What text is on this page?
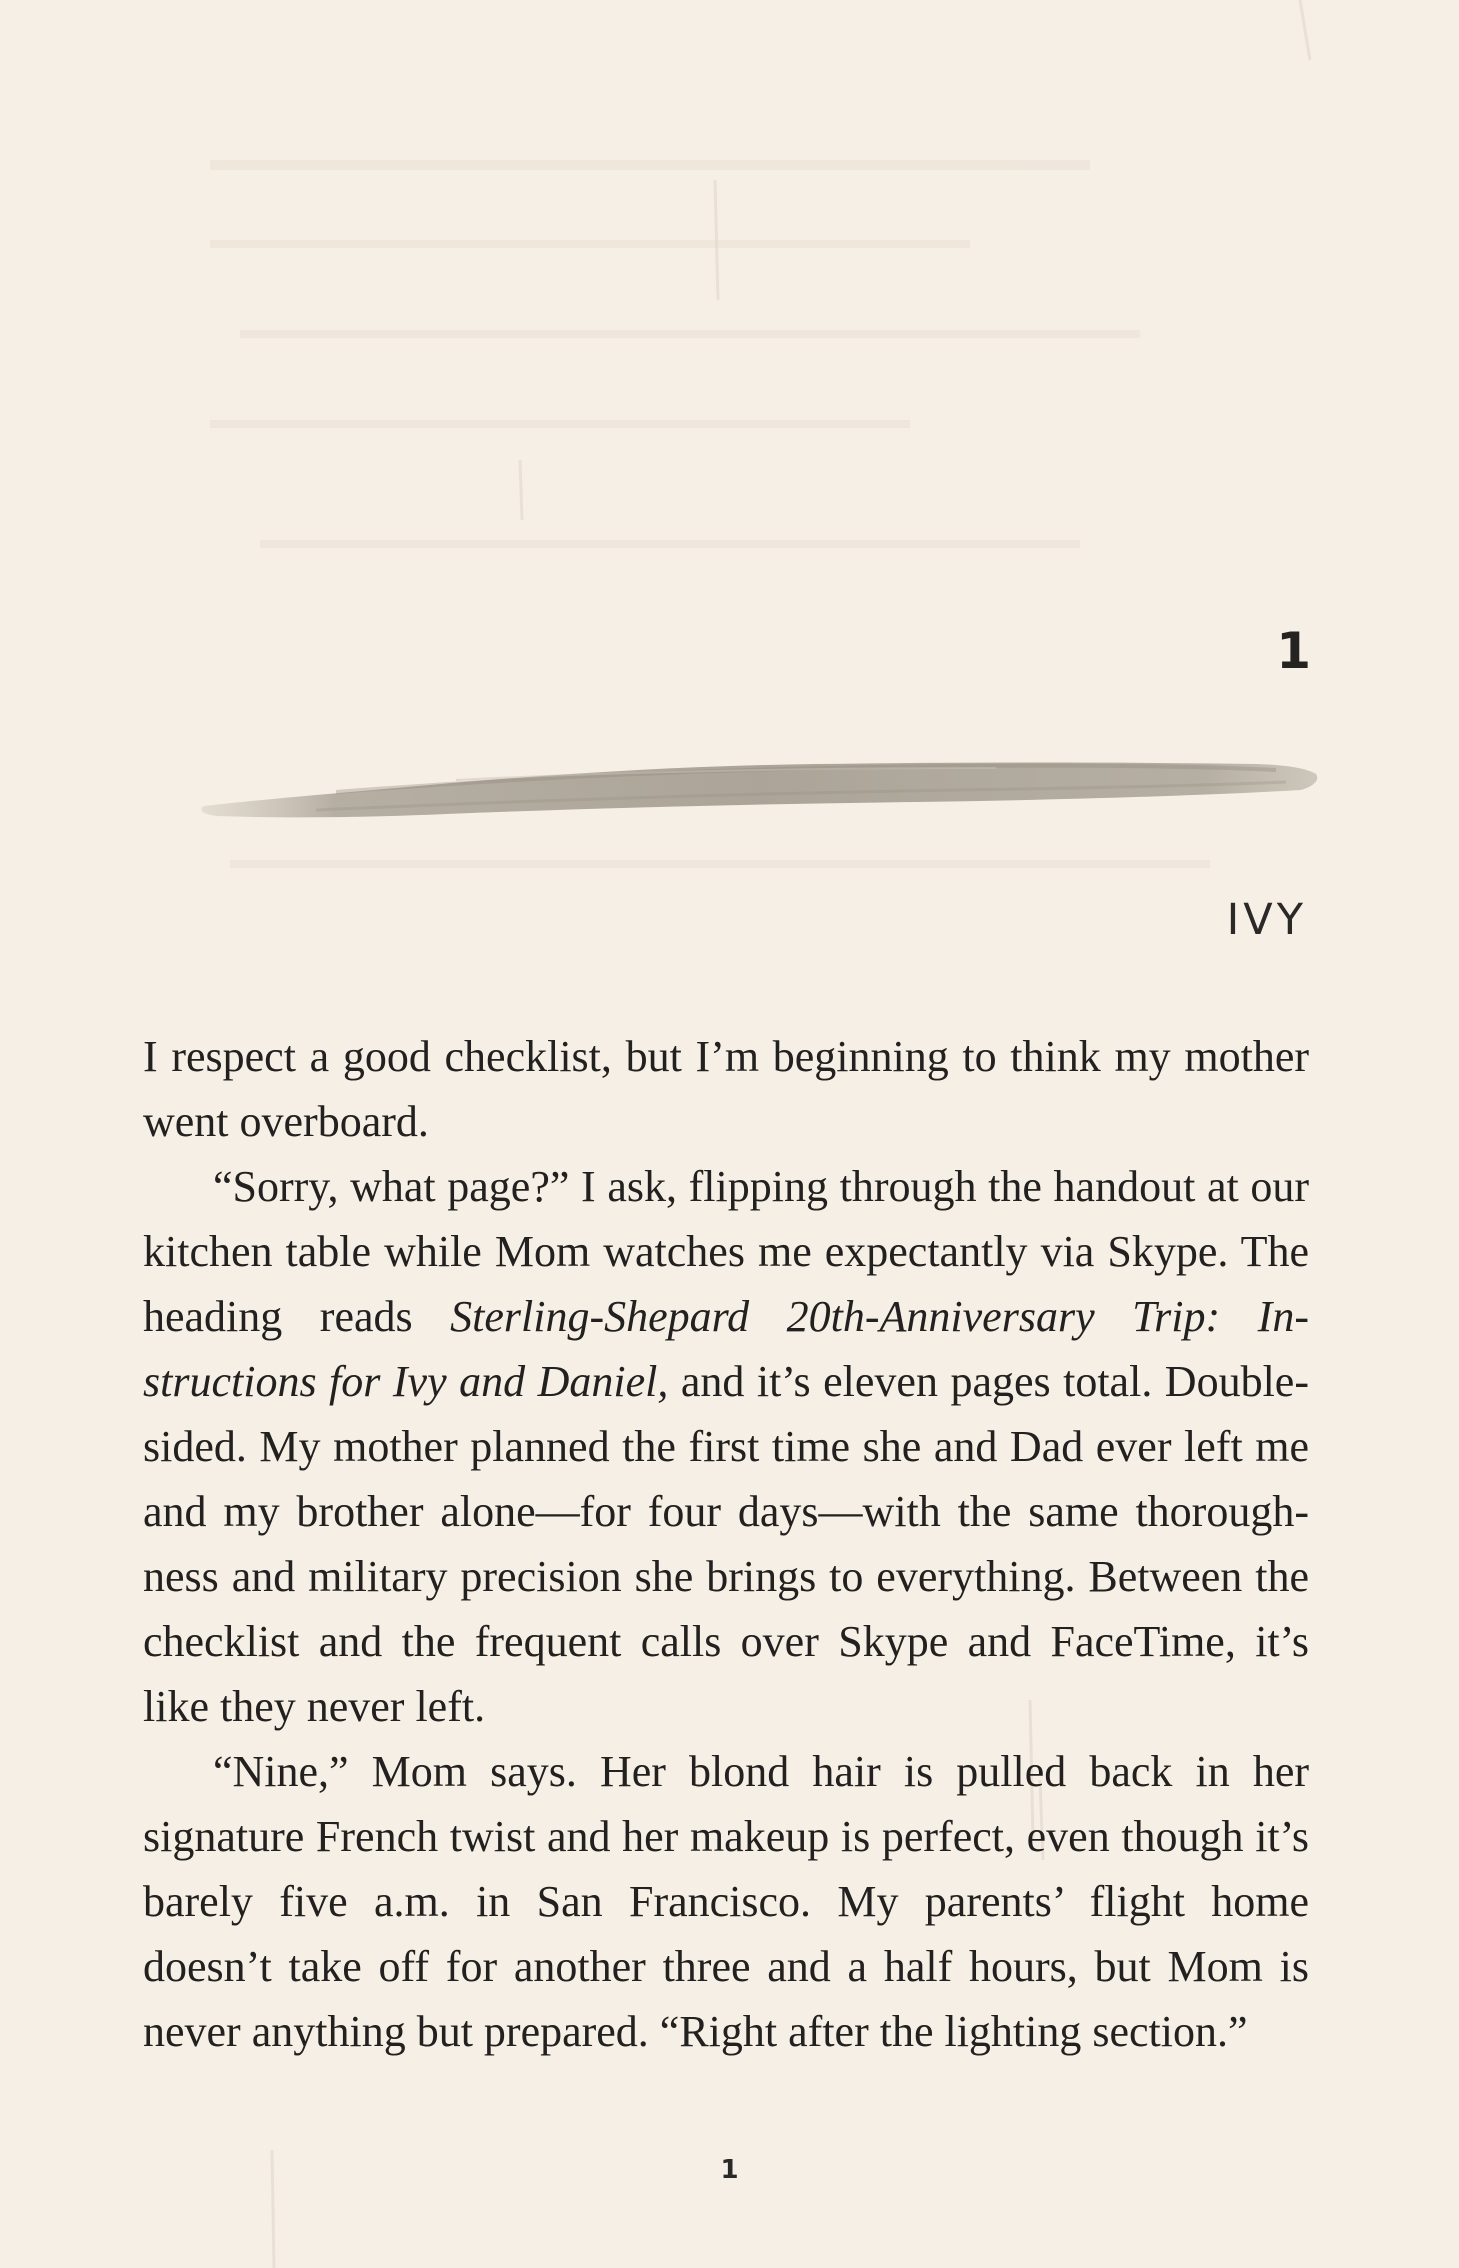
1
IVY

I respect a good checklist, but I’m beginning to think my mother went overboard.

“Sorry, what page?” I ask, flipping through the handout at our kitchen table while Mom watches me expectantly via Skype. The heading reads Sterling-Shepard 20th-Anniversary Trip: Instructions for Ivy and Daniel, and it’s eleven pages total. Double-sided. My mother planned the first time she and Dad ever left me and my brother alone—for four days—with the same thoroughness and military precision she brings to everything. Between the checklist and the frequent calls over Skype and FaceTime, it’s like they never left.

“Nine,” Mom says. Her blond hair is pulled back in her signature French twist and her makeup is perfect, even though it’s barely five a.m. in San Francisco. My parents’ flight home doesn’t take off for another three and a half hours, but Mom is never anything but prepared. “Right after the lighting section.”

1
